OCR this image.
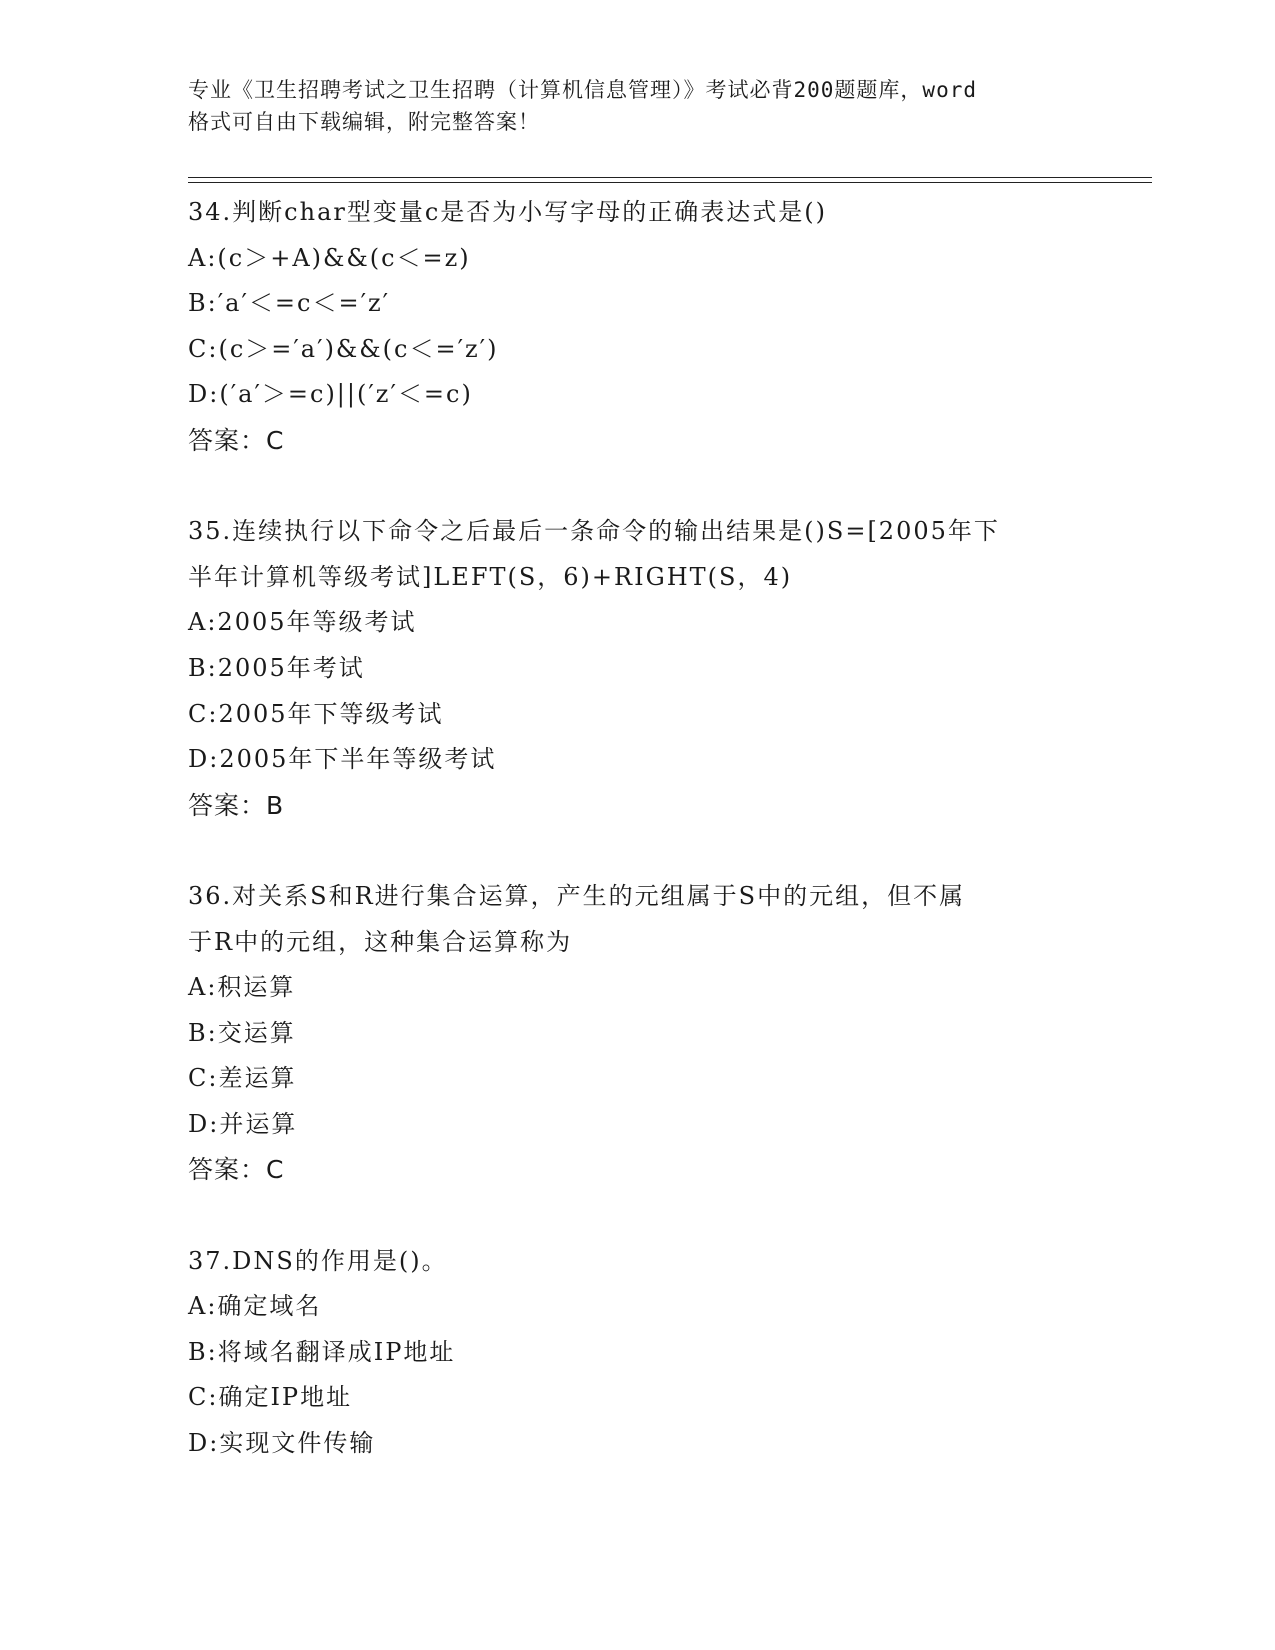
专业《卫生招聘考试之卫生招聘（计算机信息管理）》考试必背200题题库，word
格式可自由下载编辑，附完整答案！
34.判断char型变量c是否为小写字母的正确表达式是()
A:(c＞+A)&&(c＜=z)
B:′a′＜=c＜=′z′
C:(c＞=′a′)&&(c＜=′z′)
D:(′a′＞=c)||(′z′＜=c)
答案：C
35.连续执行以下命令之后最后一条命令的输出结果是()S=[2005年下
半年计算机等级考试]LEFT(S，6)+RIGHT(S，4)
A:2005年等级考试
B:2005年考试
C:2005年下等级考试
D:2005年下半年等级考试
答案：B
36.对关系S和R进行集合运算，产生的元组属于S中的元组，但不属
于R中的元组，这种集合运算称为
A:积运算
B:交运算
C:差运算
D:并运算
答案：C
37.DNS的作用是()。
A:确定域名
B:将域名翻译成IP地址
C:确定IP地址
D:实现文件传输
